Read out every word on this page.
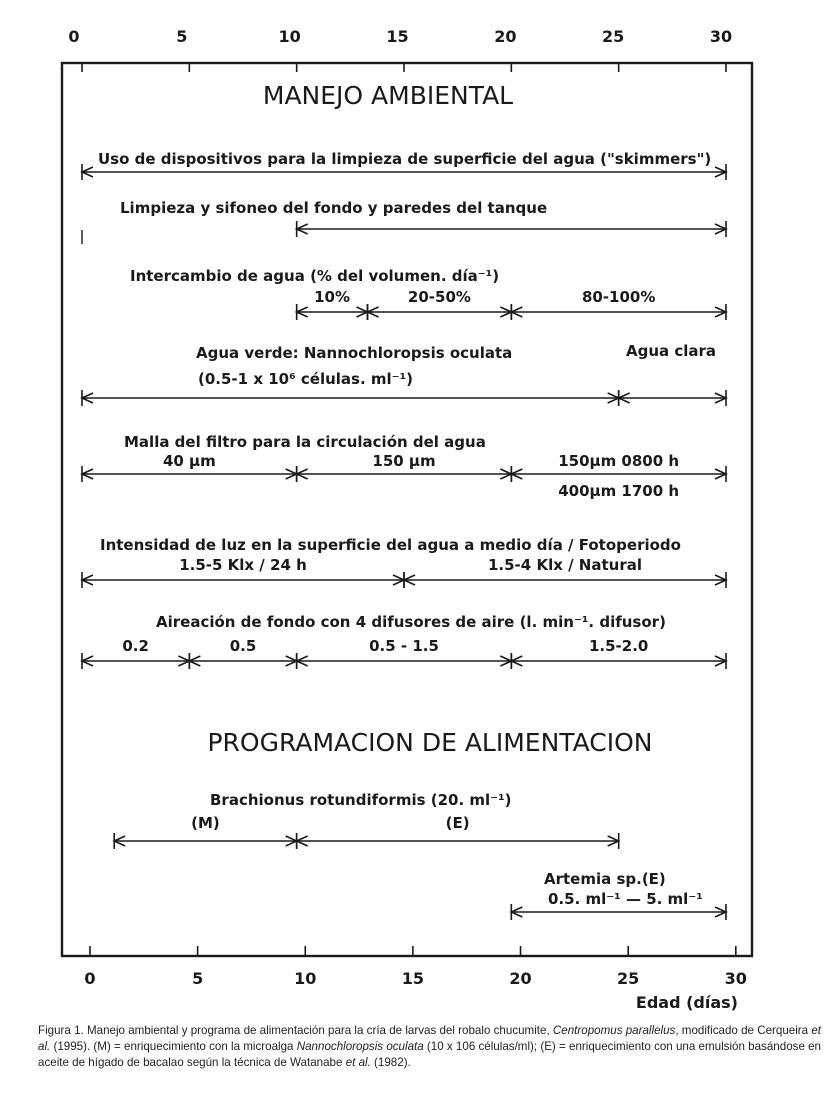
0	5	10	15	20	25	30
0	5	10	15	20	25	30
Edad (días)
MANEJO AMBIENTAL
PROGRAMACION DE ALIMENTACION
Uso de dispositivos para la limpieza de superficie del agua ("skimmers")
Limpieza y sifoneo del fondo y paredes del tanque
Intercambio de agua (% del volumen. día⁻¹)
Agua verde: Nannochloropsis oculata
(0.5-1 x 10⁶ células. ml⁻¹)
Agua clara
Malla del filtro para la circulación del agua
Intensidad de luz en la superficie del agua a medio día / Fotoperiodo
Aireación de fondo con 4 difusores de aire (l. min⁻¹. difusor)
Brachionus rotundiformis (20. ml⁻¹)
Artemia sp.(E)
0.5. ml⁻¹ — 5. ml⁻¹
10%	20-50%	80-100%
40 µm	150 µm	150µm 0800 h
400µm 1700 h
1.5-5 Klx / 24 h	1.5-4 Klx / Natural
0.2	0.5	0.5 - 1.5	1.5-2.0
(M)	(E)

Figura 1. Manejo ambiental y programa de alimentación para la cría de larvas del robalo chucumite, Centropomus parallelus, modificado de Cerqueira et al. (1995). (M) = enriquecimiento con la microalga Nannochloropsis oculata (10 x 106 células/ml); (E) = enriquecimiento con una emulsión basándose en aceite de hígado de bacalao según la técnica de Watanabe et al. (1982).
